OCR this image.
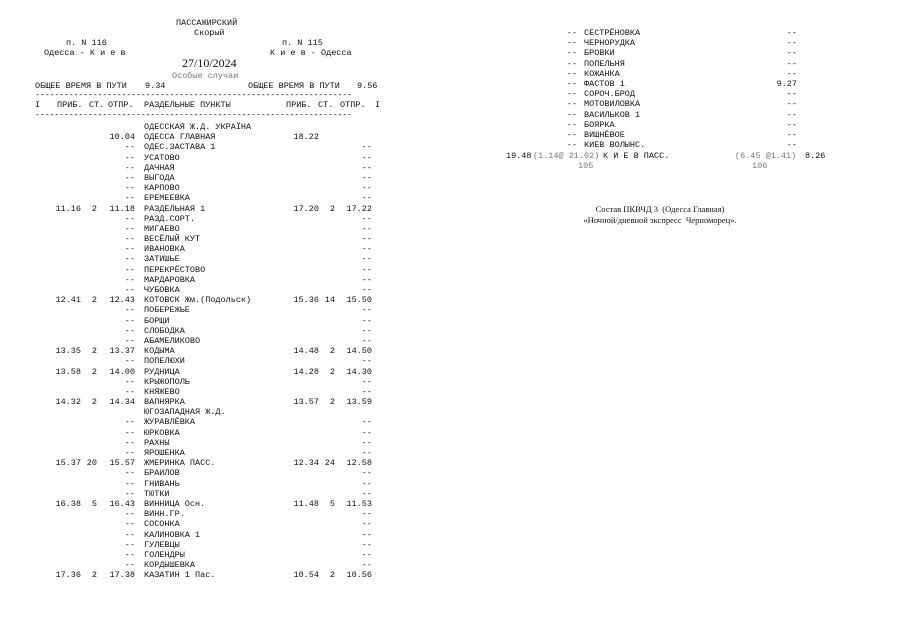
ПАССАЖИРСКИЙ
Скорый
п. N 116	п. N 115
Одесса - К и е в	К и е в - Одесса
27/10/2024
Особые случаи
ОБЩЕЕ ВРЕМЯ В ПУТИ 9.34	ОБЩЕЕ ВРЕМЯ В ПУТИ 9.56
------------------------------------------------------------------
I ПРИБ. СТ. ОТПР. РАЗДЕЛЬНЫЕ ПУНКТЫ	ПРИБ. СТ. ОТПР. I
------------------------------------------------------------------
ОДЕССКАЯ Ж.Д. УКРАЇНА
10.04 ОДЕССА ГЛАВНАЯ	18.22
-- ОДЕС.ЗАСТАВА 1	--
-- УСАТОВО	--
-- ДАЧНАЯ	--
-- ВЫГОДА	--
-- КАРПОВО	--
-- ЕРЕМЕЕВКА	--
11.16	2	11.18 РАЗДЕЛЬНАЯ 1	17.20	2	17.22
-- РАЗД.СОРТ.	--
-- МИГАЕВО	--
-- ВЕСЁЛЫЙ КУТ	--
-- ИВАНОВКА	--
-- ЗАТИШЬЕ	--
-- ПЕРЕКРЁСТОВО	--
-- МАРДАРОВКА	--
-- ЧУБОВКА	--
12.41	2	12.43 КОТОВСК Жм.(Подольск)	15.36 14	15.50
-- ПОБЕРЕЖЬЕ	--
-- БОРЩИ	--
-- СЛОБОДКА	--
-- АБАМЕЛИКОВО	--
13.35	2	13.37 КОДЫМА	14.48	2	14.50
-- ПОПЕЛЮХИ	--
13.58	2	14.00 РУДНИЦА	14.28	2	14.30
-- КРЫЖОПОЛЬ	--
-- КНЯЖЕВО	--
14.32	2	14.34 ВАПНЯРКА	13.57	2	13.59
ЮГОЗАПАДНАЯ Ж.Д.
-- ЖУРАВЛЁВКА	--
-- ЮРКОВКА	--
-- РАХНЫ	--
-- ЯРОШЕНКА	--
15.37 20	15.57 ЖМЕРИНКА ПАСС.	12.34 24	12.58
-- БРАИЛОВ	--
-- ГНИВАНЬ	--
-- ТЮТКИ	--
16.38	5	16.43 ВИННИЦА Осн.	11.48	5	11.53
-- ВИНН.ГР.	--
-- СОСОНКА	--
-- КАЛИНОВКА 1	--
-- ГУЛЕВЦЫ	--
-- ГОЛЕНДРЫ	--
-- КОРДЫШЕВКА	--
17.36	2	17.38 КАЗАТИН 1 Пас.	10.54	2	10.56
-- СЕСТРЁНОВКА	--
-- ЧЕРНОРУДКА	--
-- БРОВКИ	--
-- ПОПЕЛЬНЯ	--
-- КОЖАНКА	--
-- ФАСТОВ 1	9.27
-- СОРОЧ.БРОД	--
-- МОТОВИЛОВКА	--
-- ВАСИЛЬКОВ 1	--
-- БОЯРКА	--
-- ВИШНЁВОЕ	--
-- КИЕВ ВОЛЫНС.	--
19.48 (1.14@ 21.02) К И Е В ПАСС.	(6.45 @1.41) 8.26
105	106
Состав ПКВЧД 3  (Одесса Главная)
«Ночной/дневной экспресс  Черноморец».
